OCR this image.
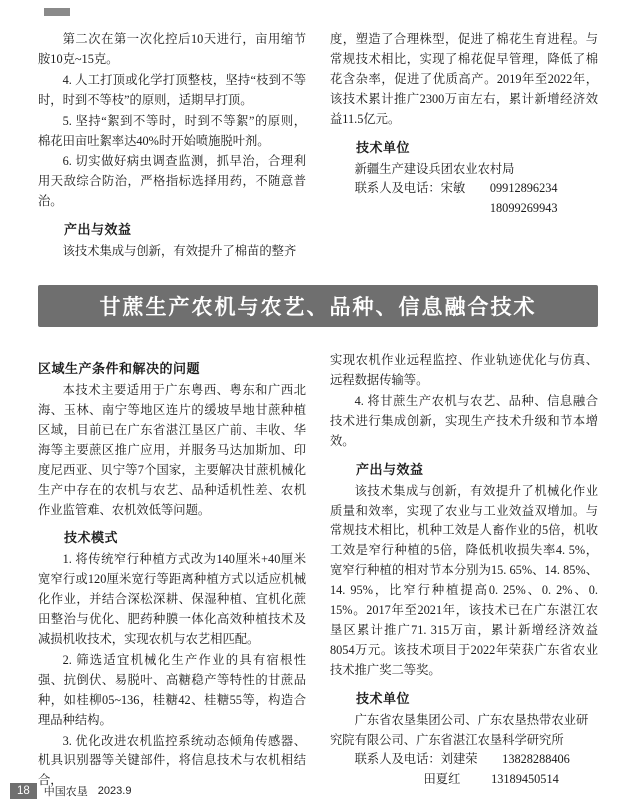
第二次在第一次化控后10天进行，亩用缩节胺10克~15克。

4. 人工打顶或化学打顶整枝，坚持“枝到不等时，时到不等枝”的原则，适期早打顶。

5. 坚持“絮到不等时，时到不等絮”的原则，棉花田亩吐絮率达40%时开始喷施脱叶剂。

6. 切实做好病虫调查监测，抓早治，合理利用天敌综合防治，严格指标选择用药，不随意普治。

产出与效益

该技术集成与创新，有效提升了棉苗的整齐

度，塑造了合理株型，促进了棉花生育进程。与常规技术相比，实现了棉花促早管理，降低了棉花含杂率，促进了优质高产。2019年至2022年，该技术累计推广2300万亩左右，累计新增经济效益11.5亿元。

技术单位
新疆生产建设兵团农业农村局
联系人及电话：宋敏	09912896234
18099269943
甘蔗生产农机与农艺、品种、信息融合技术
区域生产条件和解决的问题

本技术主要适用于广东粤西、粤东和广西北海、玉林、南宁等地区连片的缓坡旱地甘蔗种植区域，目前已在广东省湛江垦区广前、丰收、华海等主要蔗区推广应用，并服务马达加斯加、印度尼西亚、贝宁等7个国家，主要解决甘蔗机械化生产中存在的农机与农艺、品种适机性差、农机作业监管难、农机效低等问题。

技术模式

1. 将传统窄行种植方式改为140厘米+40厘米宽窄行或120厘米宽行等距离种植方式以适应机械化作业，并结合深松深耕、保湿种植、宜机化蔗田整治与优化、肥药种膜一体化高效种植技术及减损机收技术，实现农机与农艺相匹配。

2. 筛选适宜机械化生产作业的具有宿根性强、抗倒伏、易脱叶、高糖稳产等特性的甘蔗品种，如桂柳05~136，桂糖42、桂糖55等，构造合理品种结构。

3. 优化改进农机监控系统动态倾角传感器、机具识别器等关键部件，将信息技术与农机相结合，

实现农机作业远程监控、作业轨迹优化与仿真、远程数据传输等。

4. 将甘蔗生产农机与农艺、品种、信息融合技术进行集成创新，实现生产技术升级和节本增效。

产出与效益

该技术集成与创新，有效提升了机械化作业质量和效率，实现了农业与工业效益双增加。与常规技术相比，机种工效是人畜作业的5倍，机收工效是窄行种植的5倍，降低机收损失率4. 5%，宽窄行种植的相对节本分别为15. 65%、14. 85%、14. 95%，比窄行种植提高0. 25%、0. 2%、0. 15%。2017年至2021年，该技术已在广东湛江农垦区累计推广71. 315万亩，累计新增经济效益8054万元。该技术项目于2022年荣获广东省农业技术推广奖二等奖。

技术单位
广东省农垦集团公司、广东农垦热带农业研究院有限公司、广东省湛江农垦科学研究所
联系人及电话：刘建荣	13828288406
田夏红	13189450514
18	中国农垦 2023.9
